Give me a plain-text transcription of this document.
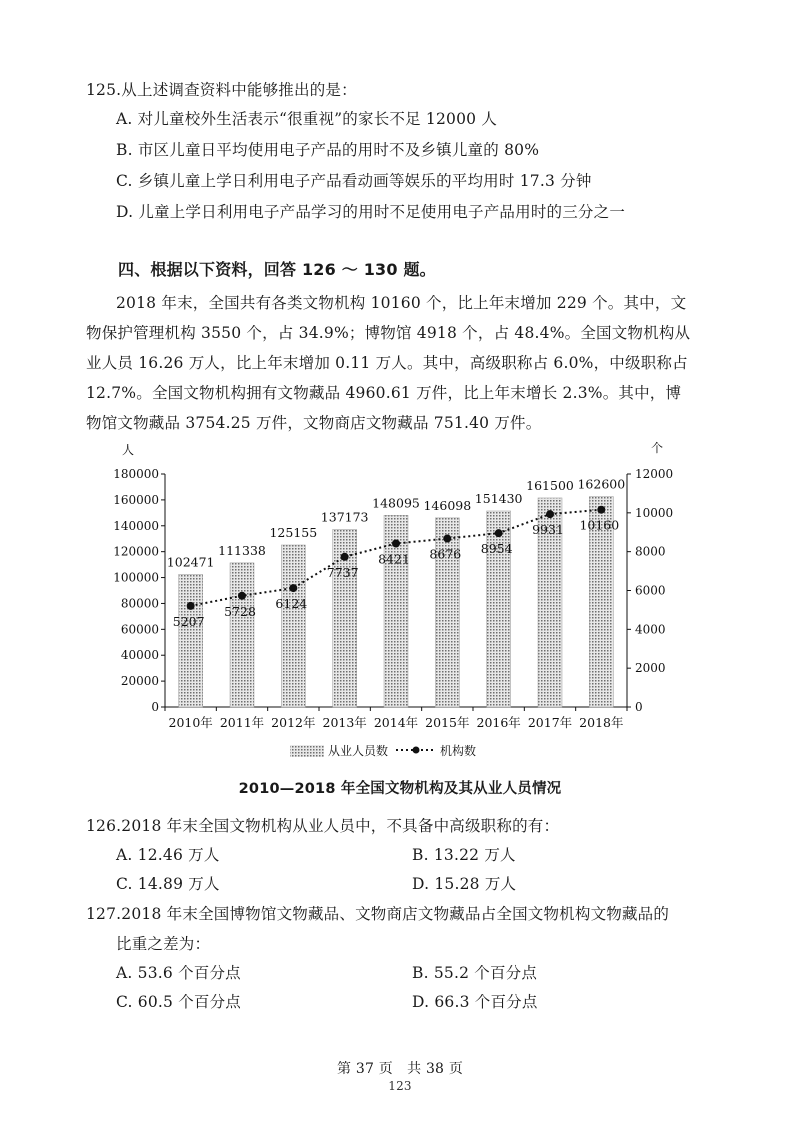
125.从上述调查资料中能够推出的是：
A. 对儿童校外生活表示“很重视”的家长不足 12000 人
B. 市区儿童日平均使用电子产品的用时不及乡镇儿童的 80%
C. 乡镇儿童上学日利用电子产品看动画等娱乐的平均用时 17.3 分钟
D. 儿童上学日利用电子产品学习的用时不足使用电子产品用时的三分之一
四、根据以下资料，回答 126 ～ 130 题。
2018 年末，全国共有各类文物机构 10160 个，比上年末增加 229 个。其中，文
物保护管理机构 3550 个，占 34.9%；博物馆 4918 个，占 48.4%。全国文物机构从
业人员 16.26 万人，比上年末增加 0.11 万人。其中，高级职称占 6.0%，中级职称占
12.7%。全国文物机构拥有文物藏品 4960.61 万件，比上年末增长 2.3%。其中，博
物馆文物藏品 3754.25 万件，文物商店文物藏品 751.40 万件。
人	个
0
20000
40000
60000
80000
100000
120000
140000
160000
180000
0
2000
4000
6000
8000
10000
12000
2010年 2011年 2012年 2013年 2014年 2015年 2016年 2017年 2018年
102471
111338
125155
137173
148095 146098 151430
161500 162600
5207
5728
6124
7737
8421 8676 8954
9931 10160
从业人员数	机构数
2010—2018 年全国文物机构及其从业人员情况
126.2018 年末全国文物机构从业人员中，不具备中高级职称的有：
A. 12.46 万人	B. 13.22 万人
C. 14.89 万人	D. 15.28 万人
127.2018 年末全国博物馆文物藏品、文物商店文物藏品占全国文物机构文物藏品的
比重之差为：
A. 53.6 个百分点	B. 55.2 个百分点
C. 60.5 个百分点	D. 66.3 个百分点
第 37 页　共 38 页
123
